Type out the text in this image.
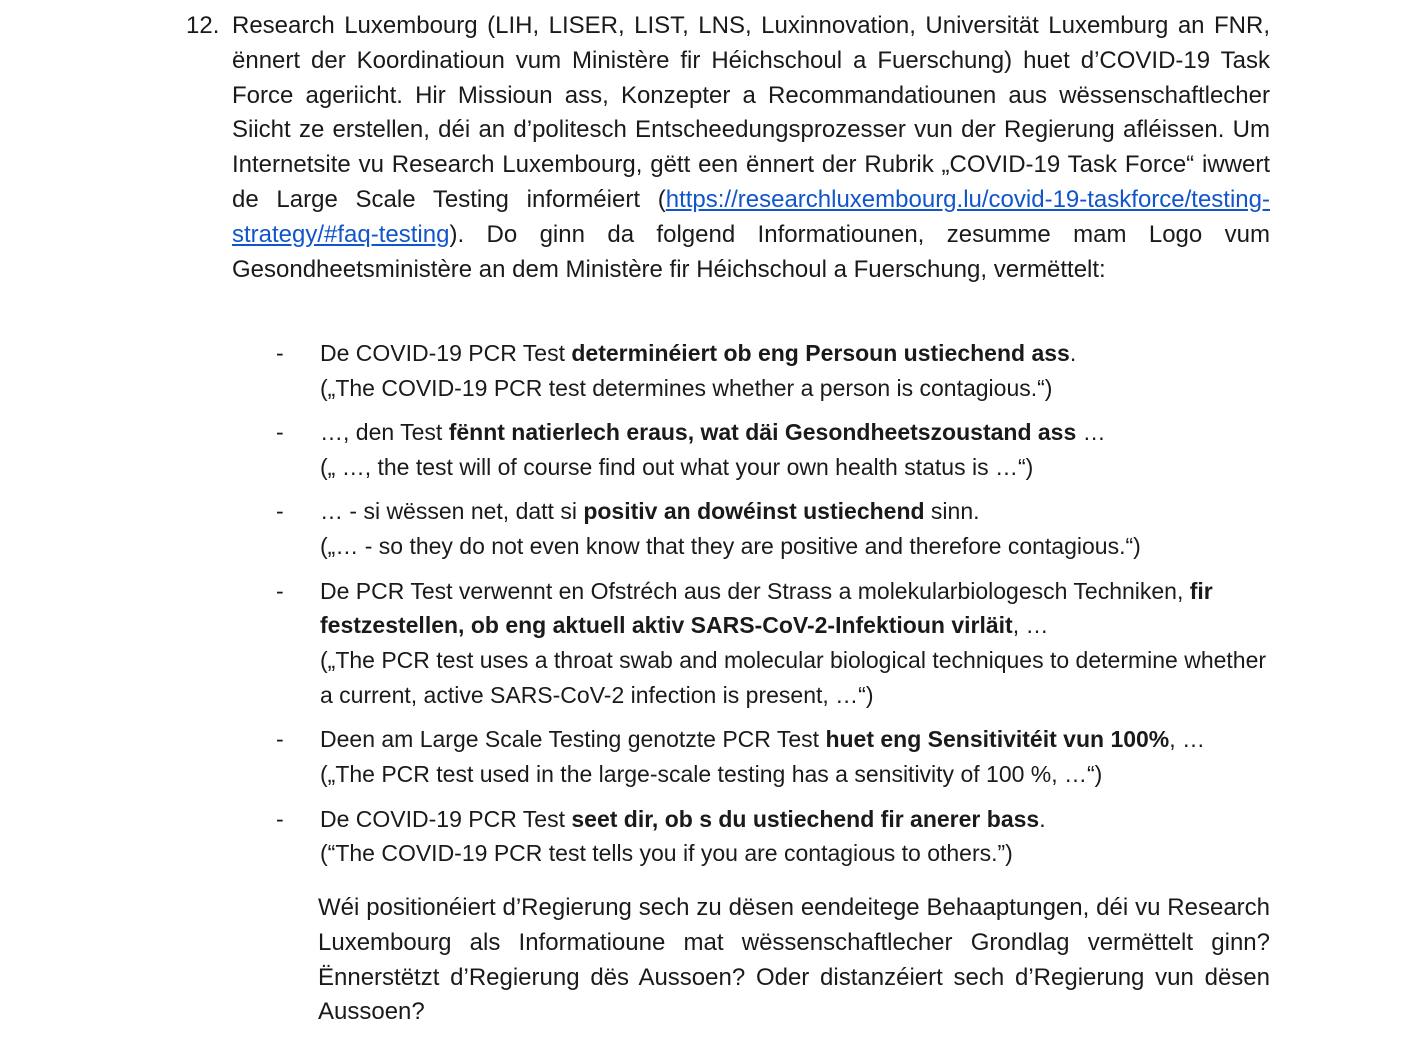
12. Research Luxembourg (LIH, LISER, LIST, LNS, Luxinnovation, Universität Luxemburg an FNR, ënnert der Koordinatioun vum Ministère fir Héichschoul a Fuerschung) huet d’COVID-19 Task Force ageriicht. Hir Missioun ass, Konzepter a Recommandatiounen aus wëssenschaftlecher Siicht ze erstellen, déi an d’politesch Entscheedungsprozesser vun der Regierung afléissen. Um Internetsite vu Research Luxembourg, gëtt een ënnert der Rubrik „COVID-19 Task Force“ iwwert de Large Scale Testing informéiert (https://researchluxembourg.lu/covid-19-taskforce/testing-strategy/#faq-testing). Do ginn da folgend Informatiounen, zesumme mam Logo vum Gesondheetsministère an dem Ministère fir Héichschoul a Fuerschung, vermëttelt:

- De COVID-19 PCR Test determinéiert ob eng Persoun ustiechend ass.
(„The COVID-19 PCR test determines whether a person is contagious.“)
- …, den Test fënnt natierlech eraus, wat däi Gesondheetszoustand ass …
(„ …, the test will of course find out what your own health status is …“)
- … - si wëssen net, datt si positiv an dowéinst ustiechend sinn.
(„… - so they do not even know that they are positive and therefore contagious.“)
- De PCR Test verwennt en Ofstréch aus der Strass a molekularbiologesch Techniken, fir festzestellen, ob eng aktuell aktiv SARS-CoV-2-Infektioun virläit, …
(„The PCR test uses a throat swab and molecular biological techniques to determine whether a current, active SARS-CoV-2 infection is present, …“)
- Deen am Large Scale Testing genotzte PCR Test huet eng Sensitivitéit vun 100%, …
(„The PCR test used in the large-scale testing has a sensitivity of 100 %, …“)
- De COVID-19 PCR Test seet dir, ob s du ustiechend fir anerer bass.
(“The COVID-19 PCR test tells you if you are contagious to others.”)

Wéi positionéiert d’Regierung sech zu dësen eendeitege Behaaptungen, déi vu Research Luxembourg als Informatioune mat wëssenschaftlecher Grondlag vermëttelt ginn? Ënnerstëtzt d’Regierung dës Aussoen? Oder distanzéiert sech d’Regierung vun dësen Aussoen?
